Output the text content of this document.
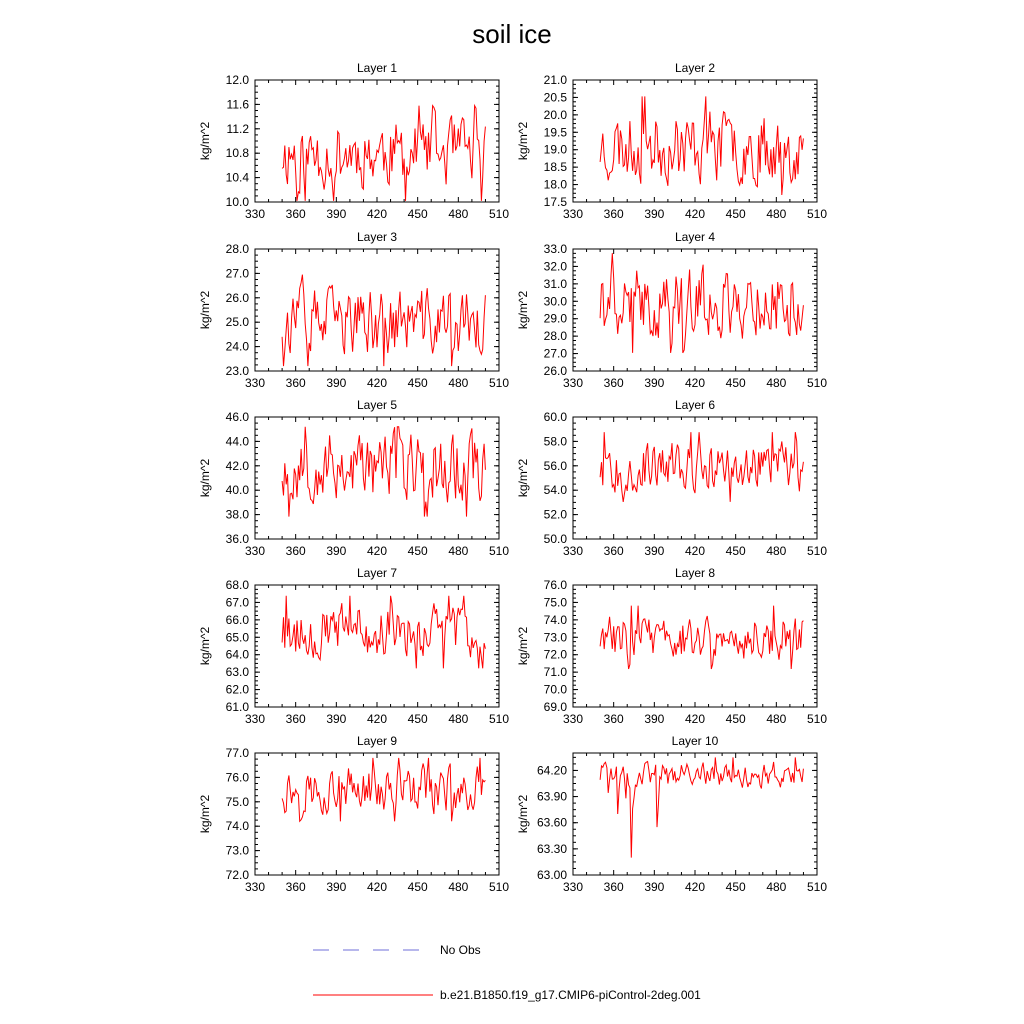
soil ice
330 360 390 420 450 480 510
10.0
10.4
10.8
11.2
11.6
12.0
Layer 1
kg/m^2
330 360 390 420 450 480 510
17.5
18.0
18.5
19.0
19.5
20.0
20.5
21.0
Layer 2
kg/m^2
330 360 390 420 450 480 510
23.0
24.0
25.0
26.0
27.0
28.0
Layer 3
kg/m^2
330 360 390 420 450 480 510
26.0
27.0
28.0
29.0
30.0
31.0
32.0
33.0
Layer 4
kg/m^2
330 360 390 420 450 480 510
36.0
38.0
40.0
42.0
44.0
46.0
Layer 5
kg/m^2
330 360 390 420 450 480 510
50.0
52.0
54.0
56.0
58.0
60.0
Layer 6
kg/m^2
330 360 390 420 450 480 510
61.0
62.0
63.0
64.0
65.0
66.0
67.0
68.0
Layer 7
kg/m^2
330 360 390 420 450 480 510
69.0
70.0
71.0
72.0
73.0
74.0
75.0
76.0
Layer 8
kg/m^2
330 360 390 420 450 480 510
72.0
73.0
74.0
75.0
76.0
77.0
Layer 9
kg/m^2
330 360 390 420 450 480 510
63.00
63.30
63.60
63.90
64.20
Layer 10
kg/m^2
No Obs
b.e21.B1850.f19_g17.CMIP6-piControl-2deg.001
